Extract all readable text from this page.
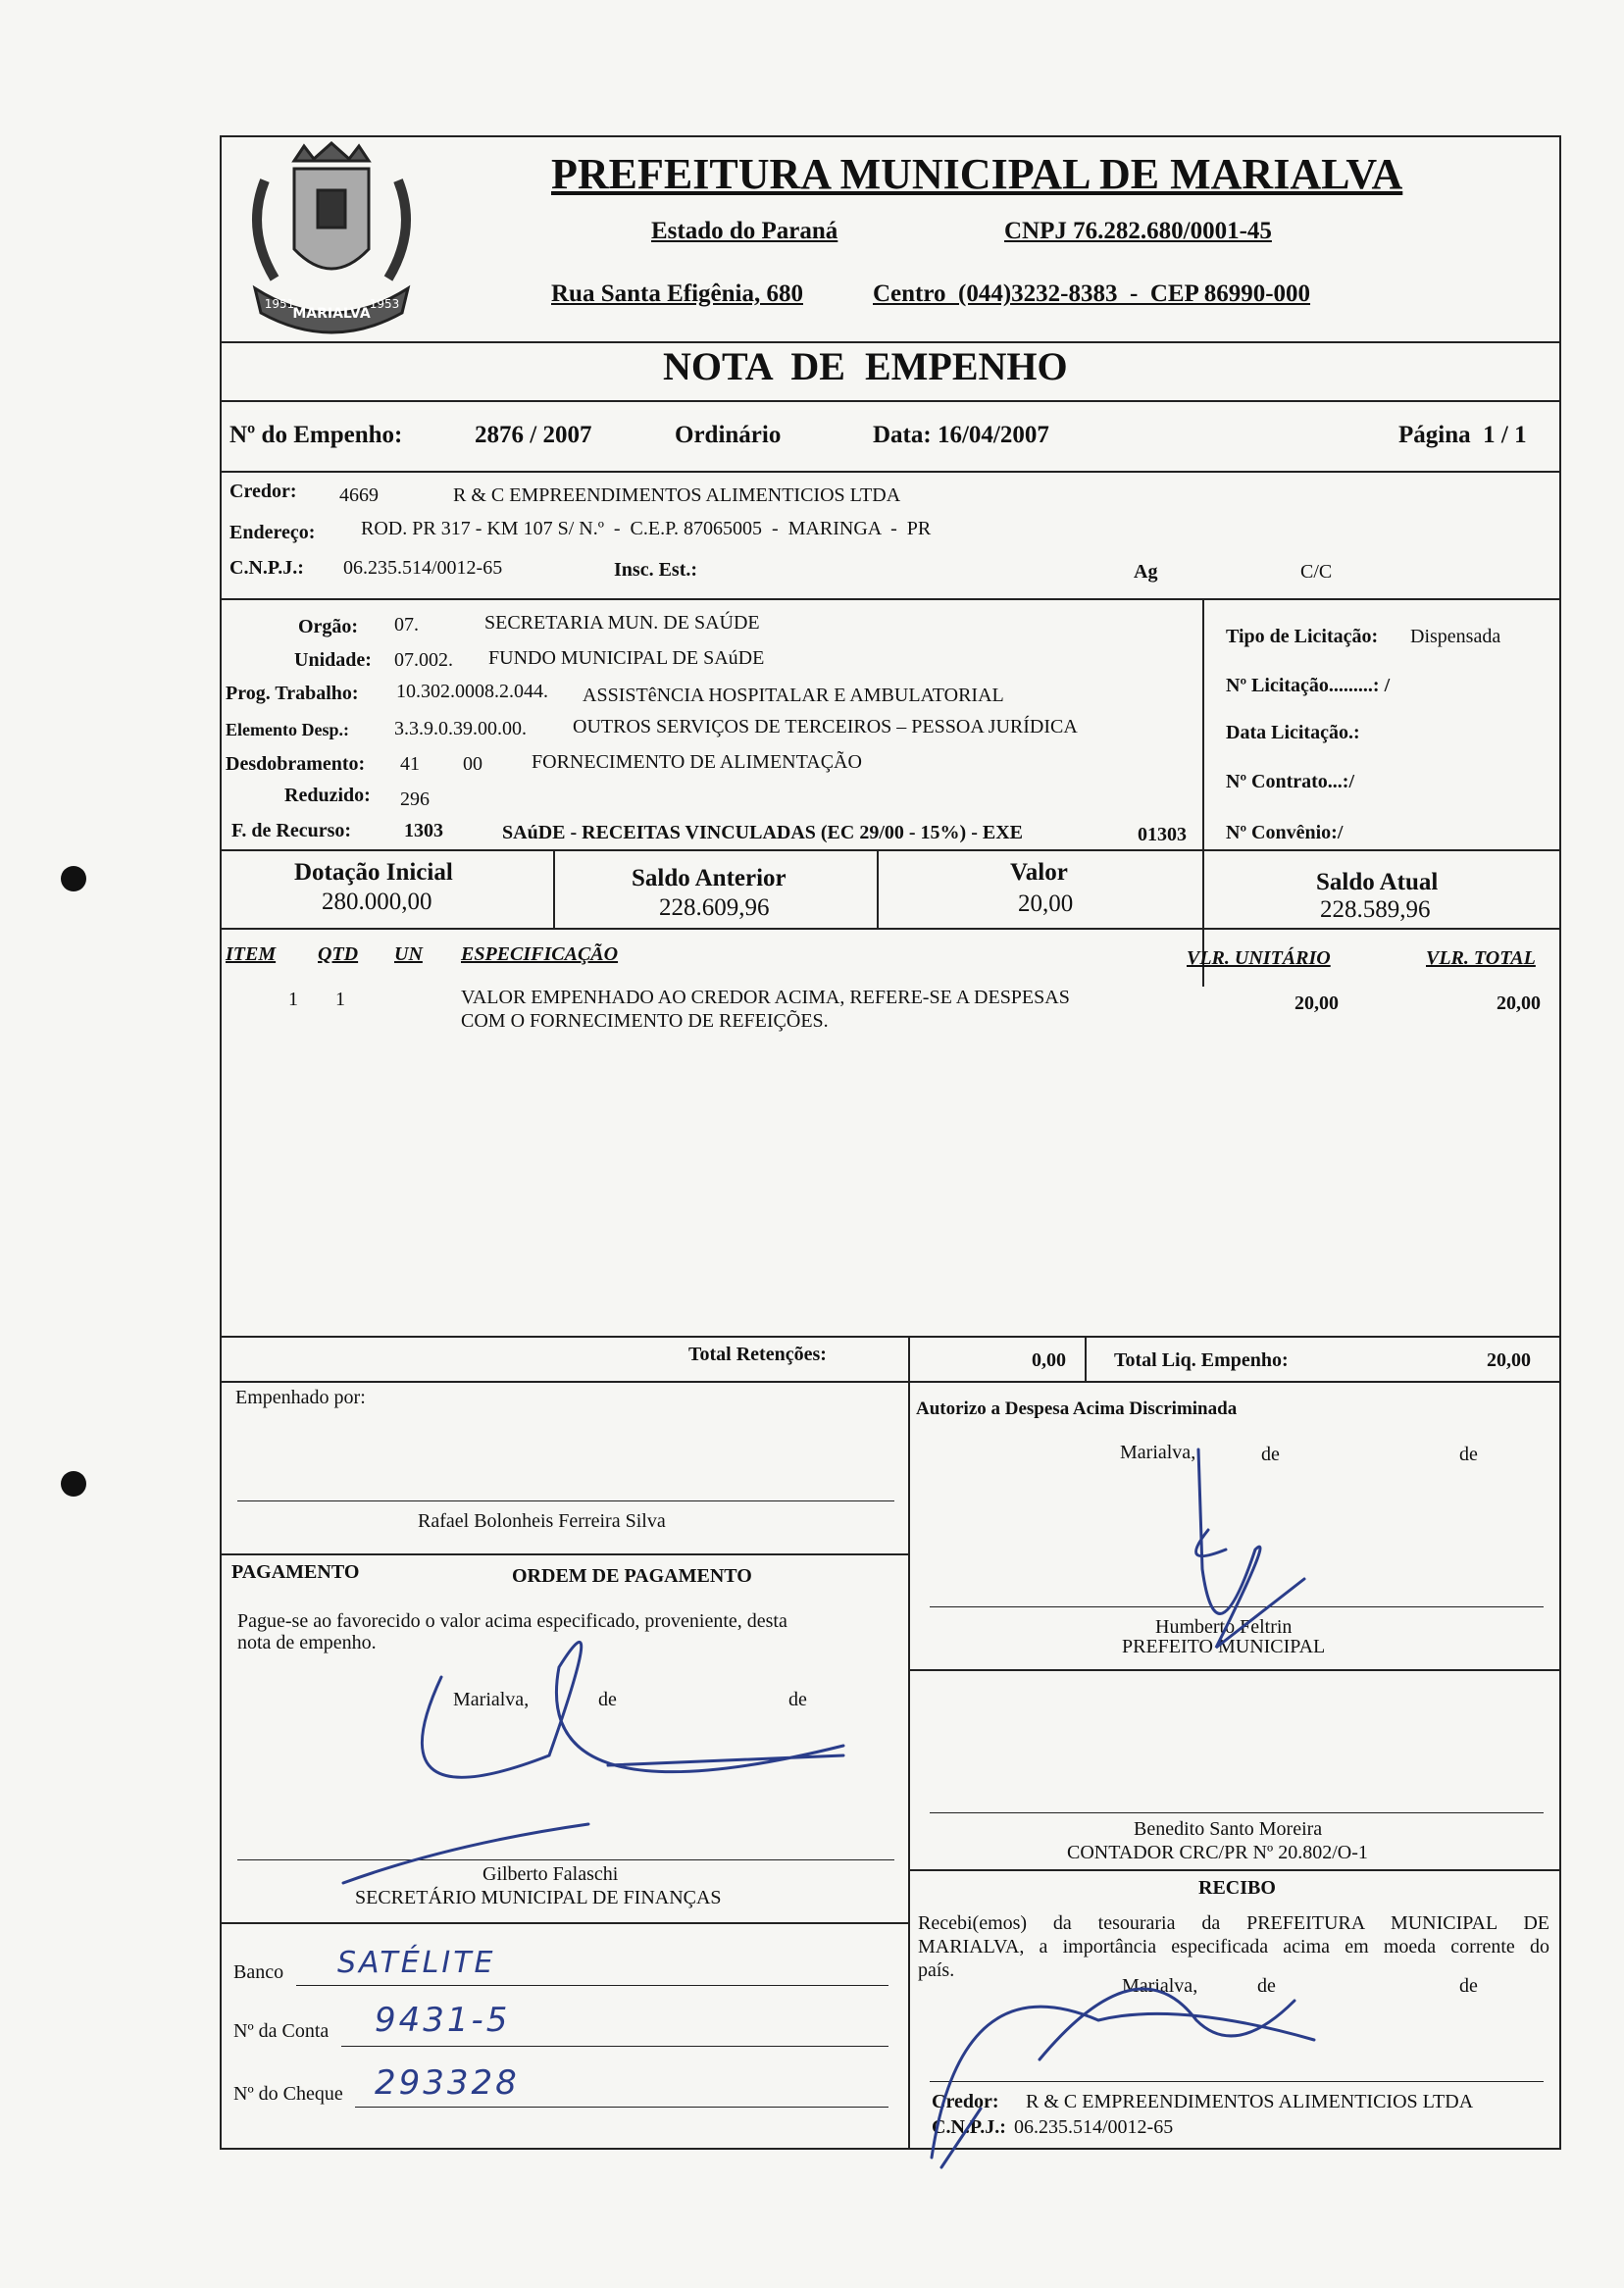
MARIALVA
1951	1953
PREFEITURA MUNICIPAL DE MARIALVA
Estado do Paraná	CNPJ 76.282.680/0001-45
Rua Santa Efigênia, 680	Centro  (044)3232-8383  -  CEP 86990-000
NOTA  DE  EMPENHO
Nº do Empenho:	2876 / 2007	Ordinário	Data: 16/04/2007	Página  1 / 1
Credor: 4669	R & C EMPREENDIMENTOS ALIMENTICIOS LTDA
Endereço: ROD. PR 317 - KM 107 S/ N.º  -  C.E.P. 87065005  -  MARINGA  -  PR
C.N.P.J.: 06.235.514/0012-65	Insc. Est.:	Ag	C/C
Orgão: 07.	SECRETARIA MUN. DE SAÚDE
Unidade: 07.002. FUNDO MUNICIPAL DE SAúDE
Prog. Trabalho: 10.302.0008.2.044. ASSISTêNCIA HOSPITALAR E AMBULATORIAL
Elemento Desp.: 3.3.9.0.39.00.00. OUTROS SERVIÇOS DE TERCEIROS – PESSOA JURÍDICA
Desdobramento: 41 00	FORNECIMENTO DE ALIMENTAÇÃO
Reduzido: 296
F. de Recurso:	1303	SAúDE - RECEITAS VINCULADAS (EC 29/00 - 15%) - EXE	01303
Tipo de Licitação: Dispensada
Nº Licitação.........: /
Data Licitação.:
Nº Contrato...:/
Nº Convênio:/
Dotação Inicial
280.000,00
Saldo Anterior
228.609,96
Valor
20,00
Saldo Atual
228.589,96
ITEM QTD UN ESPECIFICAÇÃO	VLR. UNITÁRIO	VLR. TOTAL
1 1	VALOR EMPENHADO AO CREDOR ACIMA, REFERE-SE A DESPESAS
COM O FORNECIMENTO DE REFEIÇÕES.
20,00	20,00
Total Retenções:	0,00 Total Liq. Empenho:	20,00
Empenhado por:
Rafael Bolonheis Ferreira Silva
PAGAMENTO	ORDEM DE PAGAMENTO
Pague-se ao favorecido o valor acima especificado, proveniente, desta
nota de empenho.
Marialva,	de	de
Gilberto Falaschi
SECRETÁRIO MUNICIPAL DE FINANÇAS
Banco SATÉLITE
Nº da Conta 9431-5
Nº do Cheque 293328
Autorizo a Despesa Acima Discriminada
Marialva,	de	de
Humberto Feltrin
PREFEITO MUNICIPAL
Benedito Santo Moreira
CONTADOR CRC/PR Nº 20.802/O-1
RECIBO
Recebi(emos) da tesouraria da PREFEITURA MUNICIPAL DE
MARIALVA, a importância especificada acima em moeda corrente do
país.
Marialva,	de	de
Credor: R & C EMPREENDIMENTOS ALIMENTICIOS LTDA
C.N.P.J.: 06.235.514/0012-65
